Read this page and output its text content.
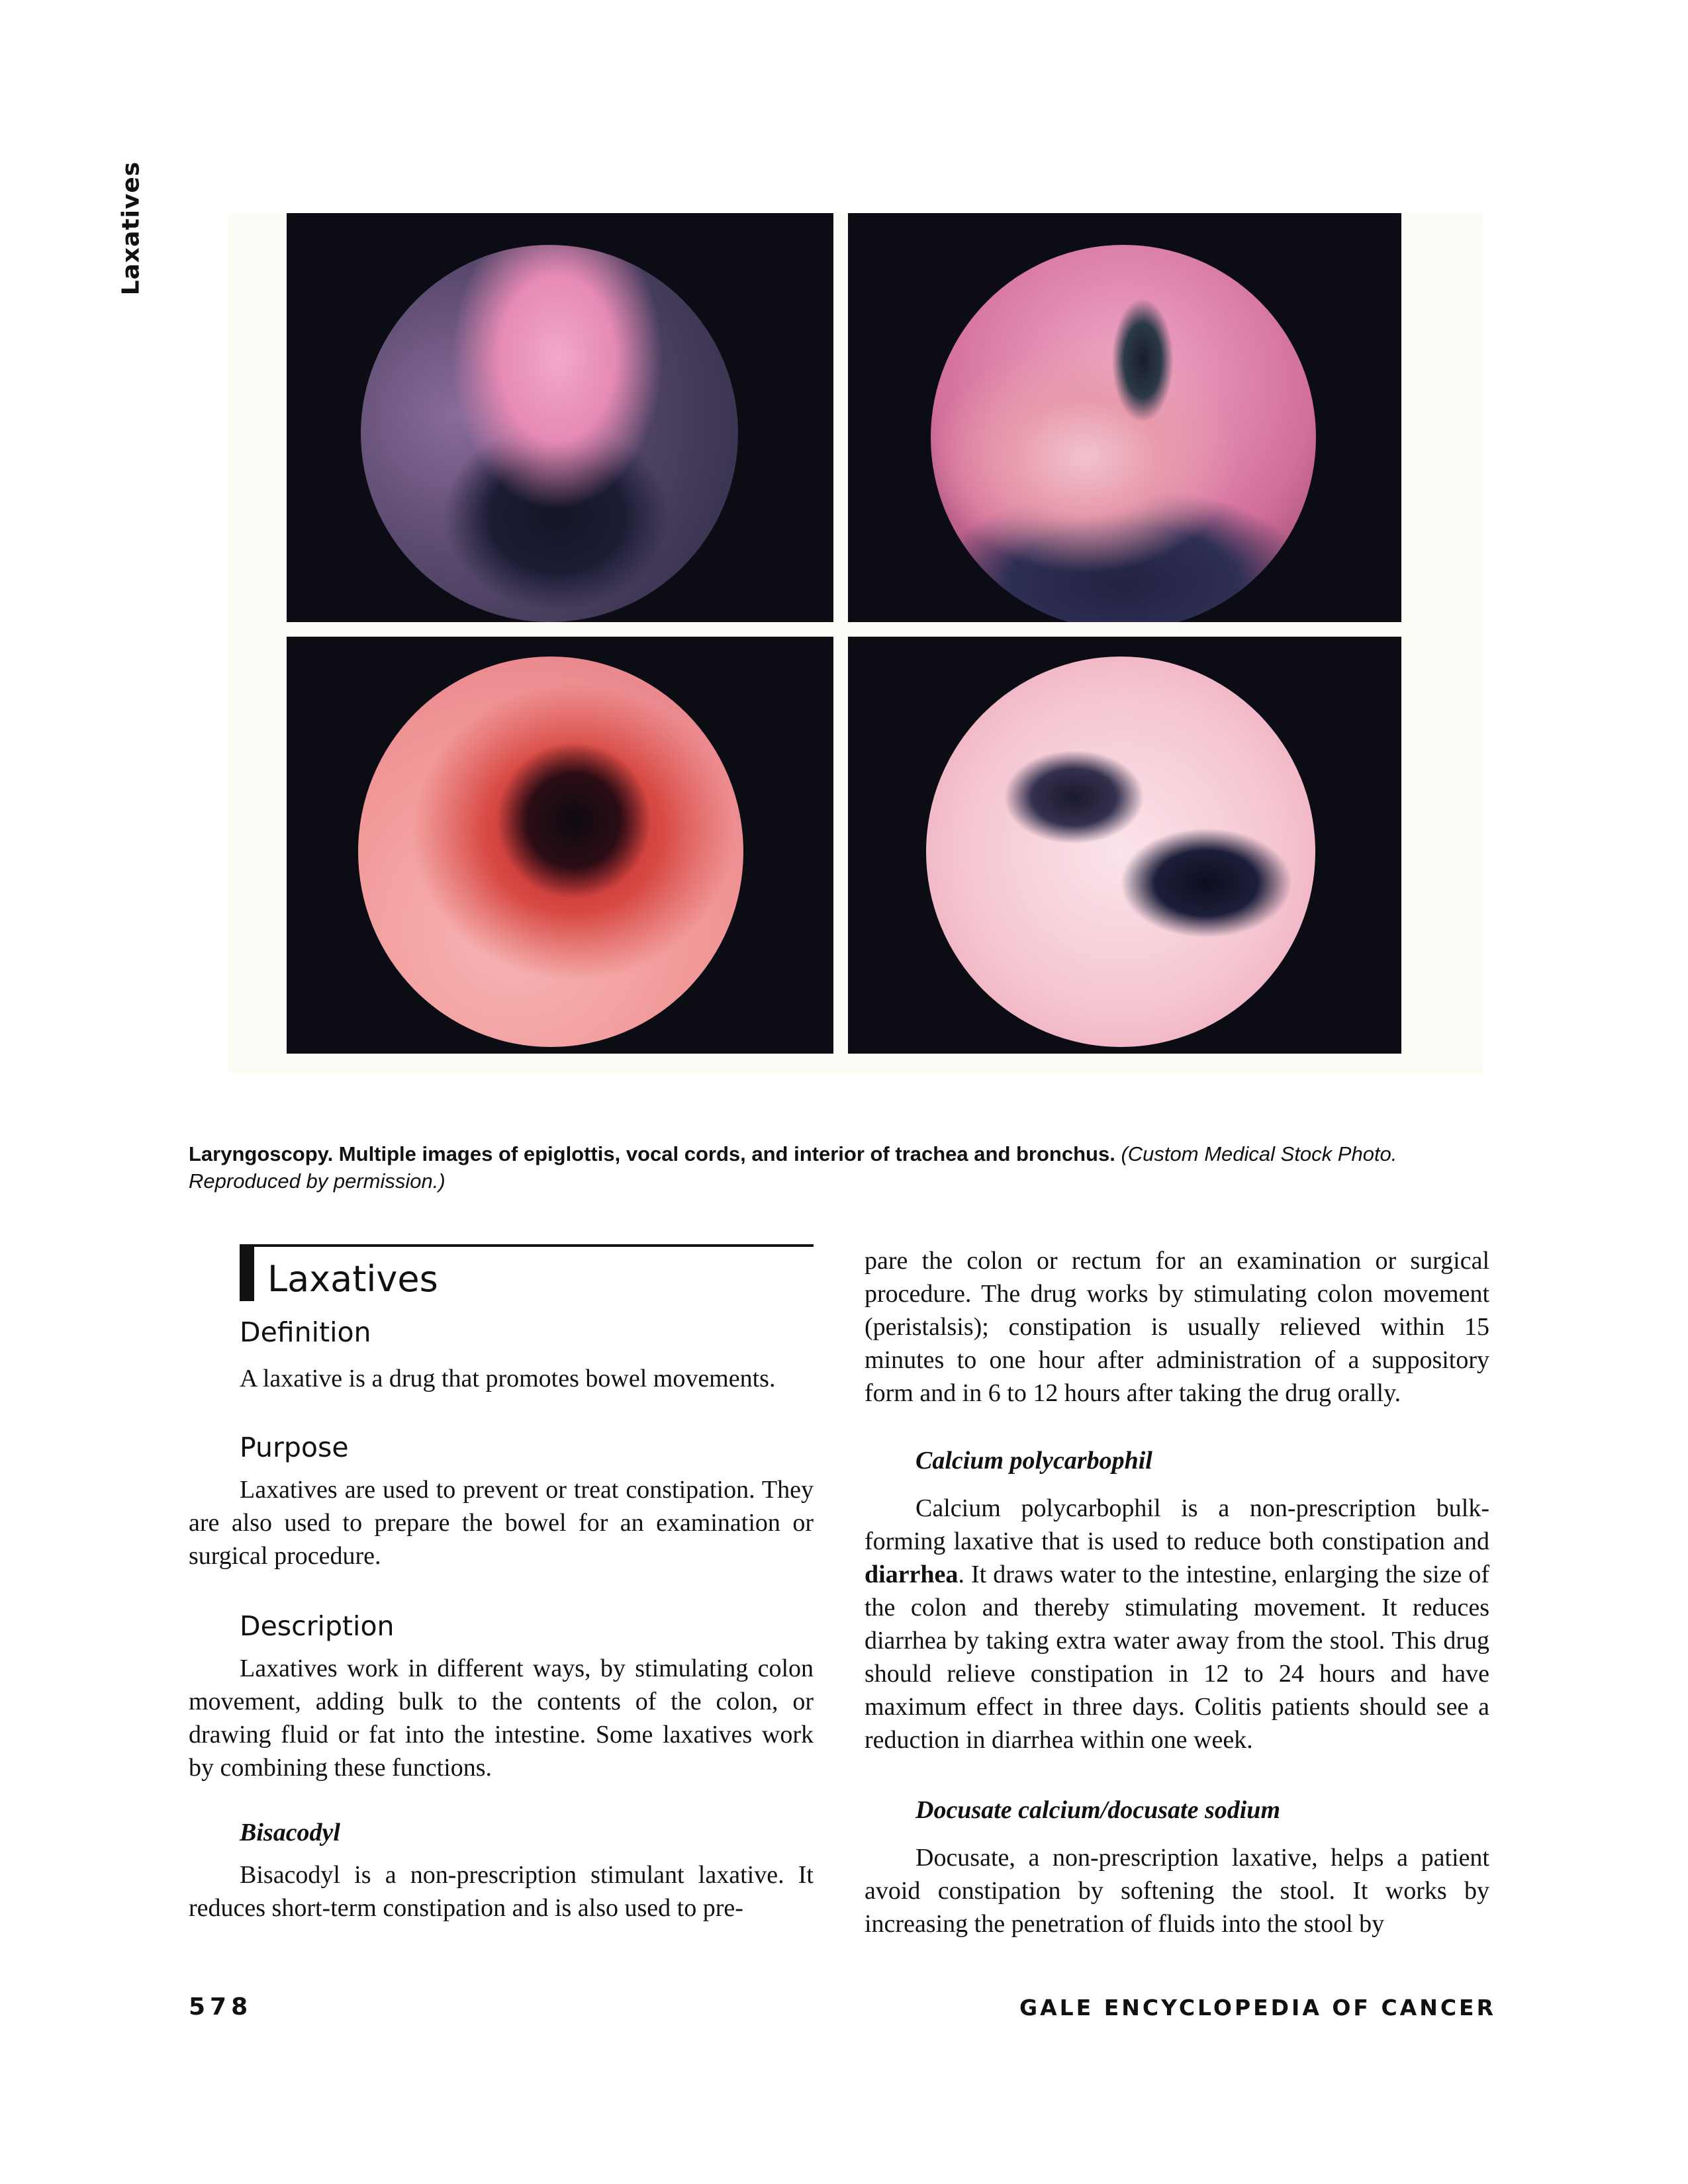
Laxatives
Laryngoscopy. Multiple images of epiglottis, vocal cords, and interior of trachea and bronchus. (Custom Medical Stock Photo. Reproduced by permission.)
Laxatives
Definition

A laxative is a drug that promotes bowel movements.

Purpose

Laxatives are used to prevent or treat constipation. They are also used to prepare the bowel for an examination or surgical procedure.

Description

Laxatives work in different ways, by stimulating colon movement, adding bulk to the contents of the colon, or drawing fluid or fat into the intestine. Some laxatives work by combining these functions.

Bisacodyl

Bisacodyl is a non-prescription stimulant laxative. It reduces short-term constipation and is also used to pre-

pare the colon or rectum for an examination or surgical procedure. The drug works by stimulating colon movement (peristalsis); constipation is usually relieved within 15 minutes to one hour after administration of a suppository form and in 6 to 12 hours after taking the drug orally.

Calcium polycarbophil

Calcium polycarbophil is a non-prescription bulk-forming laxative that is used to reduce both constipation and diarrhea. It draws water to the intestine, enlarging the size of the colon and thereby stimulating movement. It reduces diarrhea by taking extra water away from the stool. This drug should relieve constipation in 12 to 24 hours and have maximum effect in three days. Colitis patients should see a reduction in diarrhea within one week.

Docusate calcium/docusate sodium

Docusate, a non-prescription laxative, helps a patient avoid constipation by softening the stool. It works by increasing the penetration of fluids into the stool by

578	GALE ENCYCLOPEDIA OF CANCER
